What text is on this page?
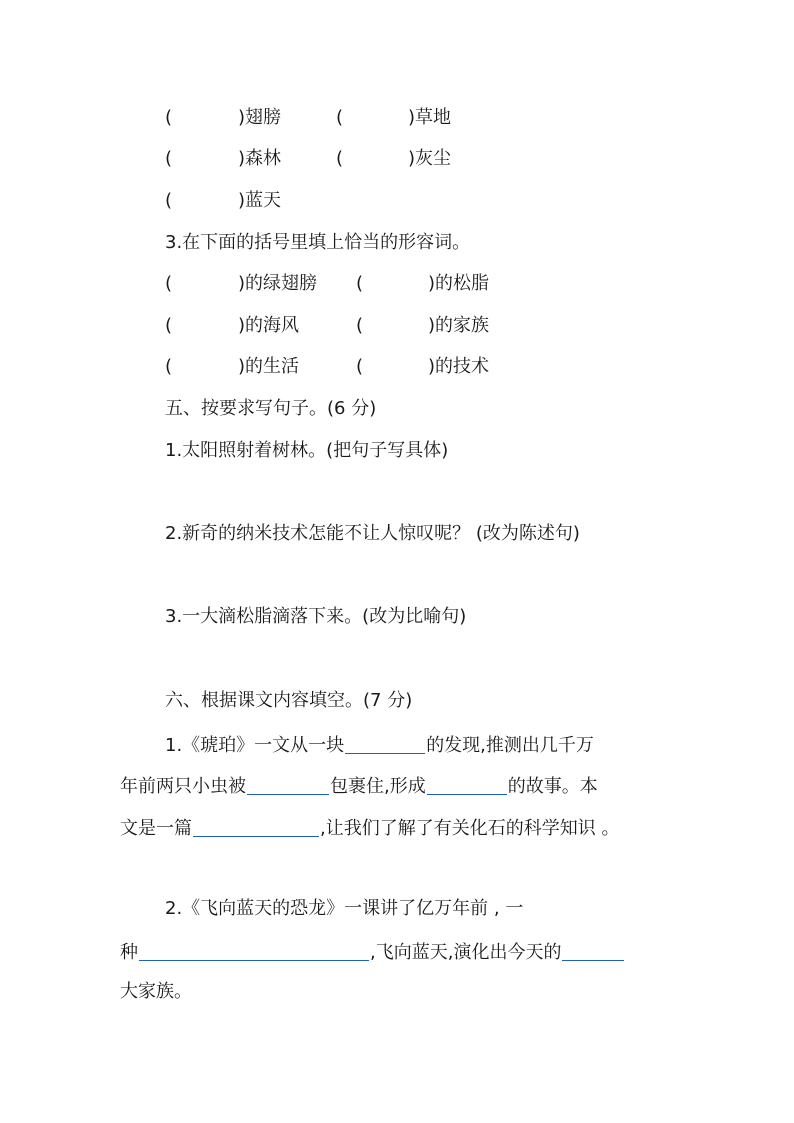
(	)翅膀	(	)草地
(	)森林	(	)灰尘
(	)蓝天
3.在下面的括号里填上恰当的形容词。
(	)的绿翅膀 (	)的松脂
(	)的海风	(	)的家族
(	)的生活	(	)的技术
五、按要求写句子。(6 分)
1.太阳照射着树林。(把句子写具体)
2.新奇的纳米技术怎能不让人惊叹呢？ (改为陈述句)
3.一大滴松脂滴落下来。(改为比喻句)
六、根据课文内容填空。(7 分)
1.《琥珀》一文从一块	的发现,推测出几千万
年前两只小虫被	包裹住,形成	的故事。本
文是一篇	,让我们了解了有关化石的科学知识 。
2.《飞向蓝天的恐龙》一课讲了亿万年前 , 一
种	,飞向蓝天,演化出今天的
大家族。
